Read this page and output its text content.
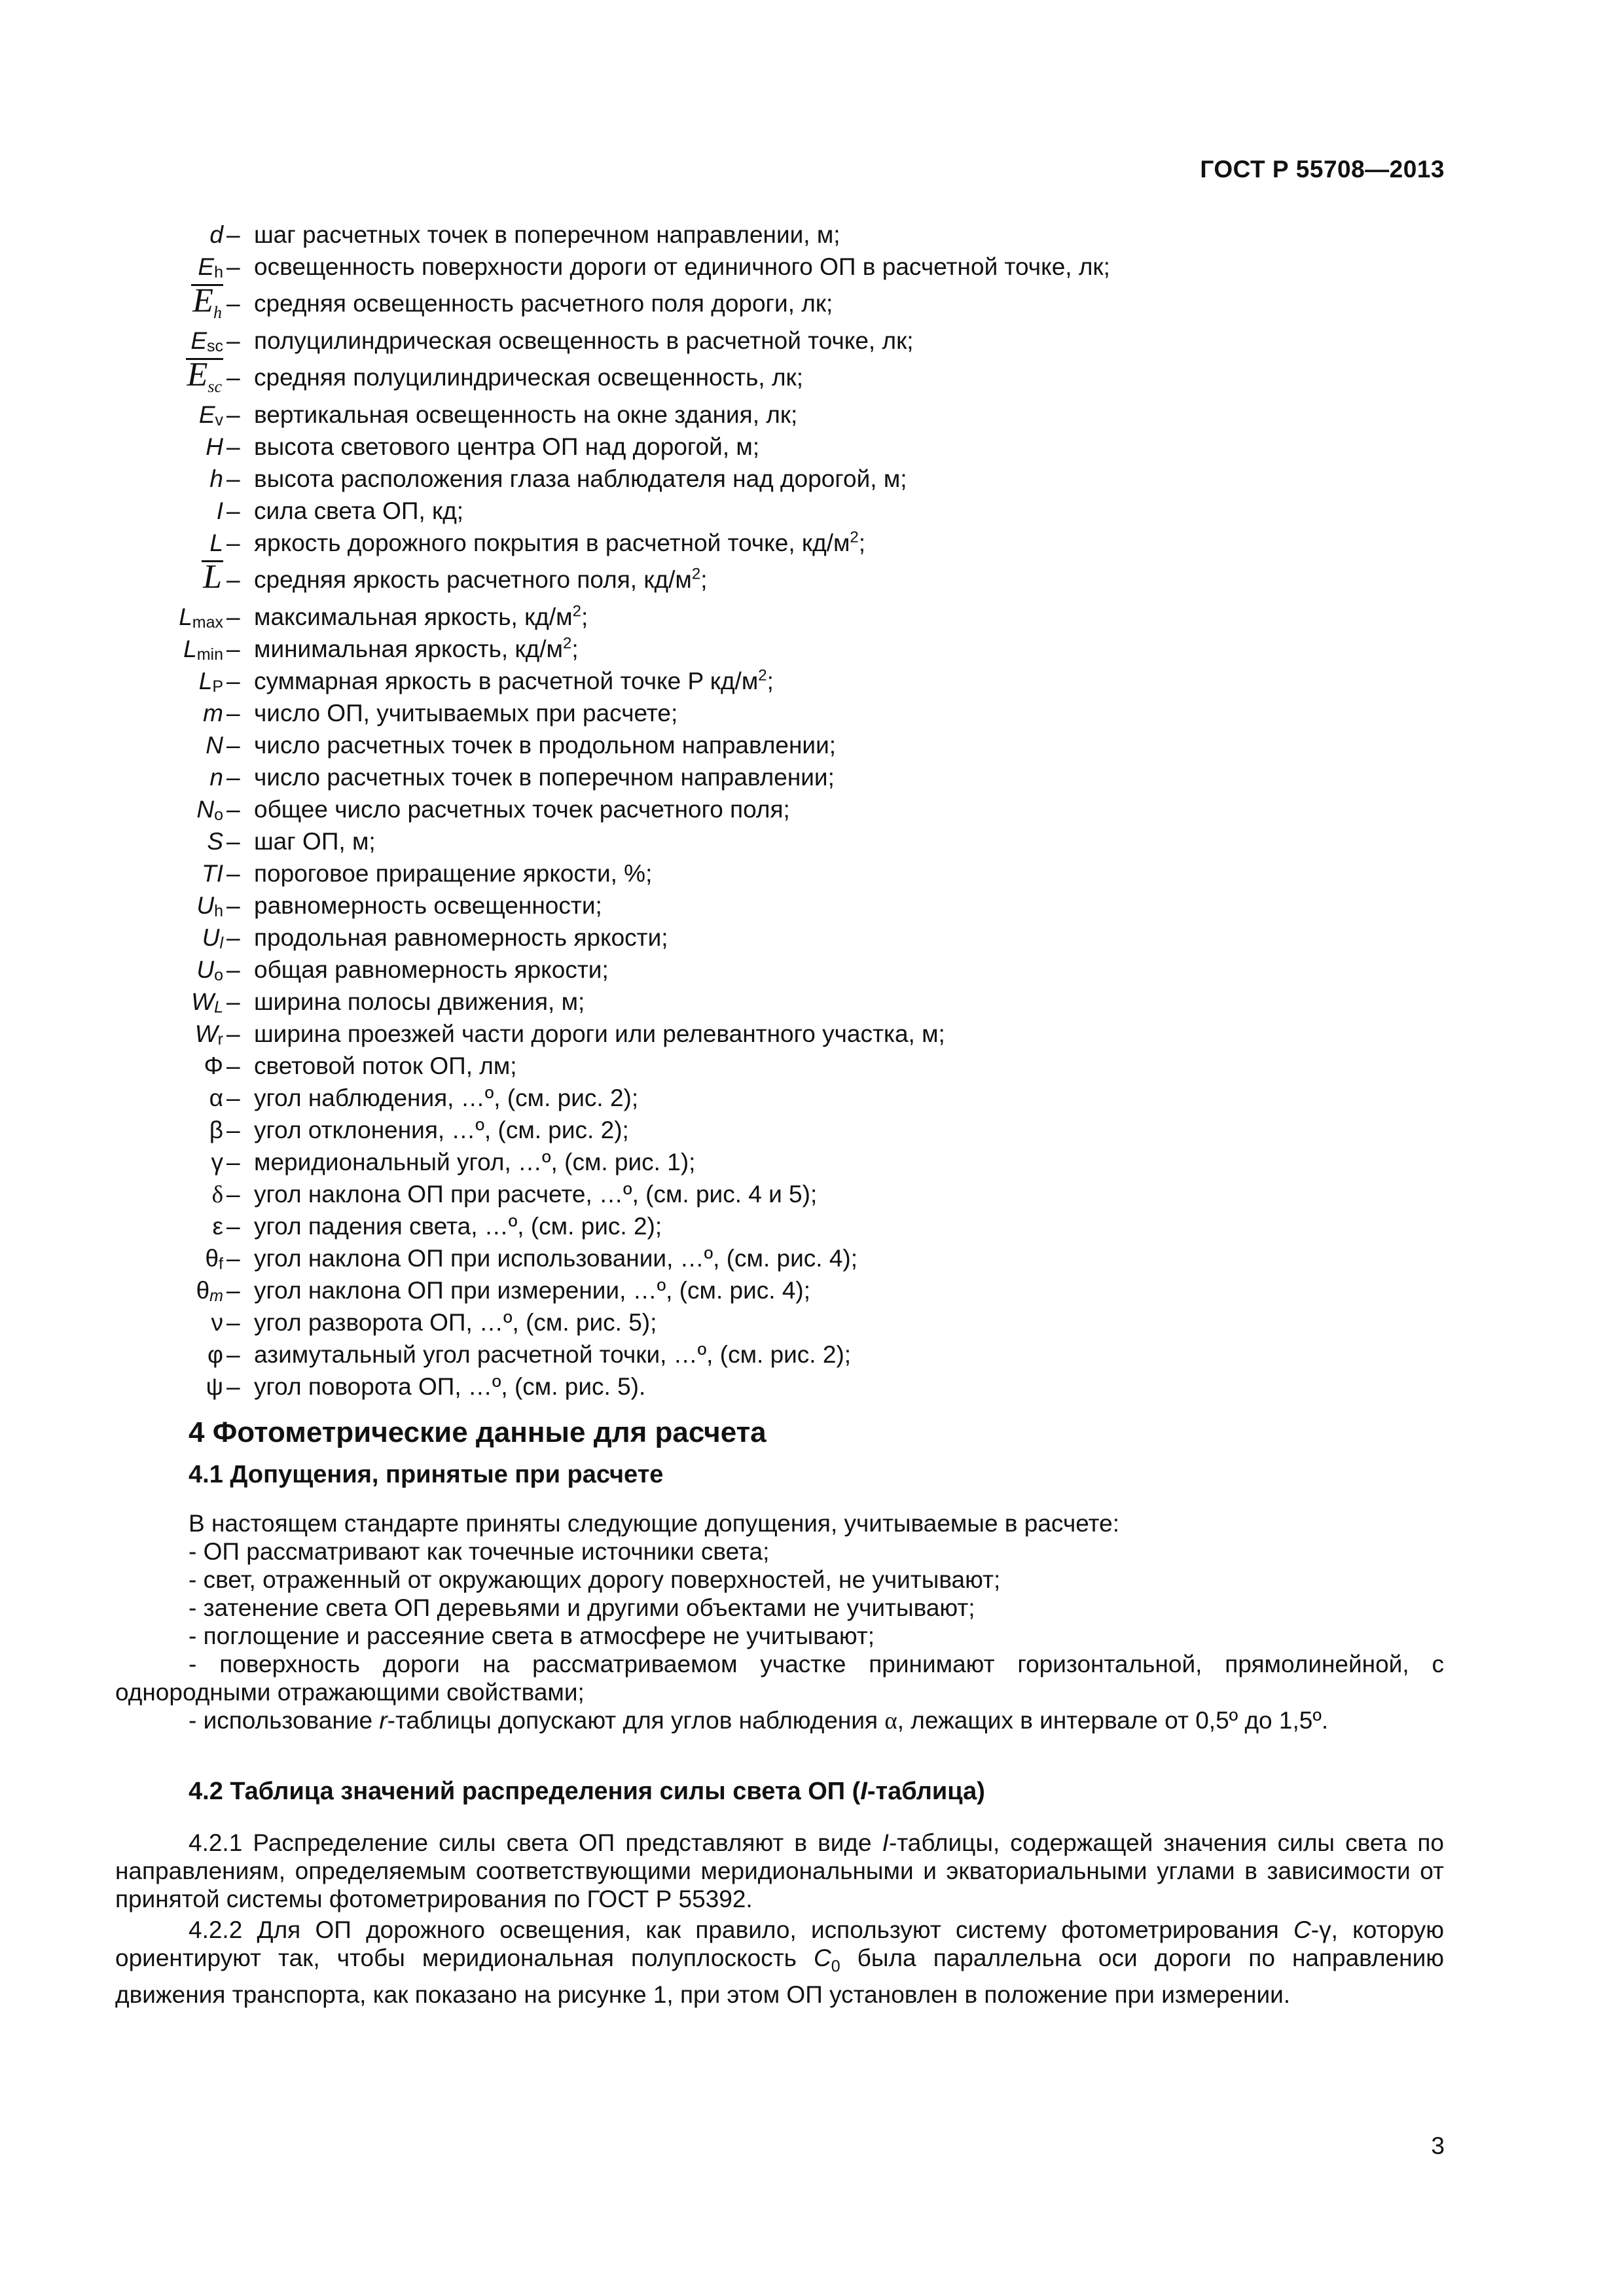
ГОСТ Р 55708—2013
d – шаг расчетных точек в поперечном направлении, м;
Eh – освещенность поверхности дороги от единичного ОП в расчетной точке, лк;
$E_h$ – средняя освещенность расчетного поля дороги, лк;
Esc – полуцилиндрическая освещенность в расчетной точке, лк;
$E_{sc}$ – средняя полуцилиндрическая освещенность, лк;
Ev – вертикальная освещенность на окне здания, лк;
H – высота светового центра ОП над дорогой, м;
h – высота расположения глаза наблюдателя над дорогой, м;
I – сила света ОП, кд;
L – яркость дорожного покрытия в расчетной точке, $кд/м^2$;
L – средняя яркость расчетного поля, $кд/м^2$;
Lmax – максимальная яркость, $кд/м^2$;
Lmin – минимальная яркость, $кд/м^2$;
LP – суммарная яркость в расчетной точке P $кд/м^2$;
m – число ОП, учитываемых при расчете;
N – число расчетных точек в продольном направлении;
n – число расчетных точек в поперечном направлении;
No – общее число расчетных точек расчетного поля;
S – шаг ОП, м;
TI – пороговое приращение яркости, %;
Uh – равномерность освещенности;
Ul – продольная равномерность яркости;
Uo – общая равномерность яркости;
WL – ширина полосы движения, м;
Wr – ширина проезжей части дороги или релевантного участка, м;
Φ – световой поток ОП, лм;
α – угол наблюдения, …º, (см. рис. 2);
β – угол отклонения, …º, (см. рис. 2);
γ – меридиональный угол, …º, (см. рис. 1);
δ – угол наклона ОП при расчете, …º, (см. рис. 4 и 5);
ε – угол падения света, …º, (см. рис. 2);
θf – угол наклона ОП при использовании, …º, (см. рис. 4);
θm – угол наклона ОП при измерении, …º, (см. рис. 4);
ν – угол разворота ОП, …º, (см. рис. 5);
φ – азимутальный угол расчетной точки, …º, (см. рис. 2);
ψ – угол поворота ОП, …º, (см. рис. 5).
4 Фотометрические данные для расчета
4.1 Допущения, принятые при расчете
В настоящем стандарте приняты следующие допущения, учитываемые в расчете:
- ОП рассматривают как точечные источники света;
- свет, отраженный от окружающих дорогу поверхностей, не учитывают;
- затенение света ОП деревьями и другими объектами не учитывают;
- поглощение и рассеяние света в атмосфере не учитывают;
- поверхность дороги на рассматриваемом участке принимают горизонтальной, прямолинейной, с однородными отражающими свойствами;
- использование r-таблицы допускают для углов наблюдения α, лежащих в интервале от 0,5º до 1,5º.
4.2 Таблица значений распределения силы света ОП (I-таблица)
4.2.1 Распределение силы света ОП представляют в виде I-таблицы, содержащей значения силы света по направлениям, определяемым соответствующими меридиональными и экваториальными углами в зависимости от принятой системы фотометрирования по ГОСТ Р 55392.
4.2.2 Для ОП дорожного освещения, как правило, используют систему фотометрирования C-γ, которую ориентируют так, чтобы меридиональная полуплоскость $C_0$ была параллельна оси дороги по направлению движения транспорта, как показано на рисунке 1, при этом ОП установлен в положение при измерении.
3
